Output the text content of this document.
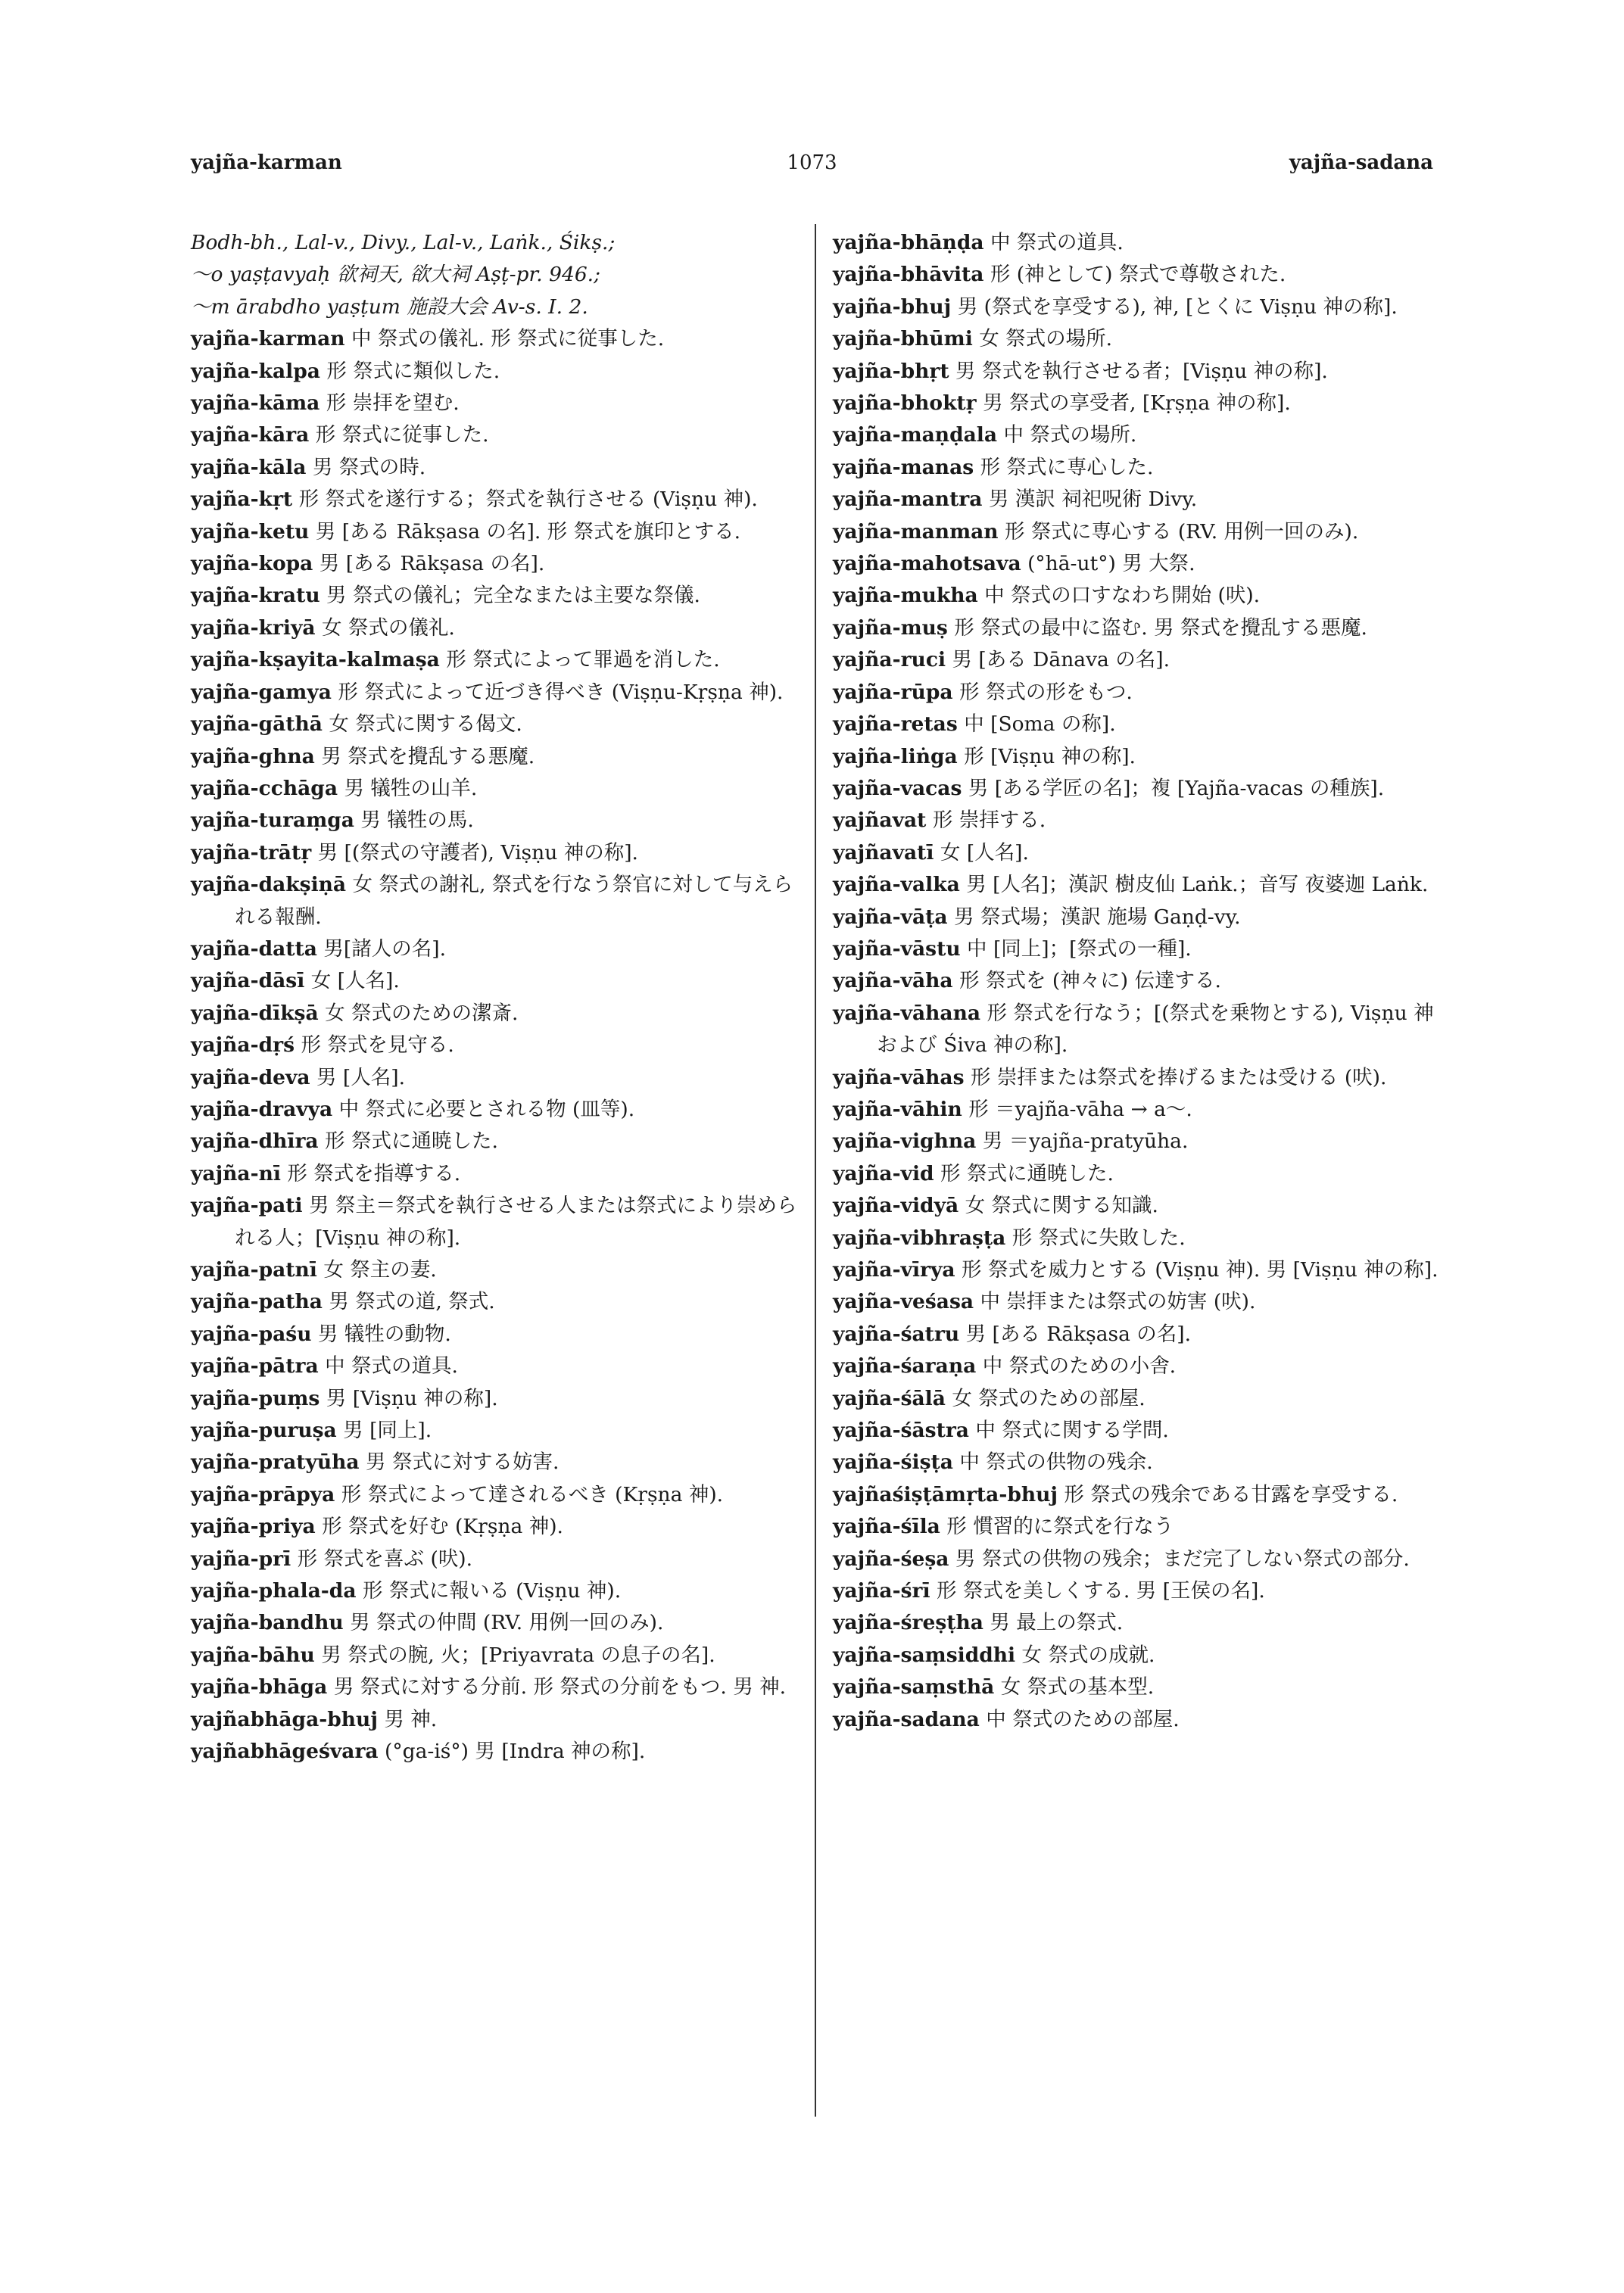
yajña-karman	1073	yajña-sadana
Bodh-bh., Lal-v., Divy., Lal-v., Laṅk., Śikṣ.;
～o yaṣṭavyaḥ 欲祠天, 欲大祠 Aṣṭ-pr. 946.;
～m ārabdho yaṣṭum 施設大会 Av-s. I. 2.
yajña-karman 中 祭式の儀礼. 形 祭式に従事した.
yajña-kalpa 形 祭式に類似した.
yajña-kāma 形 崇拝を望む.
yajña-kāra 形 祭式に従事した.
yajña-kāla 男 祭式の時.
yajña-kṛt 形 祭式を遂行する；祭式を執行させる (Viṣṇu 神).
yajña-ketu 男 [ある Rākṣasa の名]. 形 祭式を旗印とする.
yajña-kopa 男 [ある Rākṣasa の名].
yajña-kratu 男 祭式の儀礼；完全なまたは主要な祭儀.
yajña-kriyā 女 祭式の儀礼.
yajña-kṣayita-kalmaṣa 形 祭式によって罪過を消した.
yajña-gamya 形 祭式によって近づき得べき (Viṣṇu-Kṛṣṇa 神).
yajña-gāthā 女 祭式に関する偈文.
yajña-ghna 男 祭式を攪乱する悪魔.
yajña-cchāga 男 犠牲の山羊.
yajña-turaṃga 男 犠牲の馬.
yajña-trātṛ 男 [(祭式の守護者), Viṣṇu 神の称].
yajña-dakṣiṇā 女 祭式の謝礼, 祭式を行なう祭官に対して与えられる報酬.
yajña-datta 男[諸人の名].
yajña-dāsī 女 [人名].
yajña-dīkṣā 女 祭式のための潔斎.
yajña-dṛś 形 祭式を見守る.
yajña-deva 男 [人名].
yajña-dravya 中 祭式に必要とされる物 (皿等).
yajña-dhīra 形 祭式に通暁した.
yajña-nī 形 祭式を指導する.
yajña-pati 男 祭主＝祭式を執行させる人または祭式により崇められる人；[Viṣṇu 神の称].
yajña-patnī 女 祭主の妻.
yajña-patha 男 祭式の道, 祭式.
yajña-paśu 男 犠牲の動物.
yajña-pātra 中 祭式の道具.
yajña-puṃs 男 [Viṣṇu 神の称].
yajña-puruṣa 男 [同上].
yajña-pratyūha 男 祭式に対する妨害.
yajña-prāpya 形 祭式によって達されるべき (Kṛṣṇa 神).
yajña-priya 形 祭式を好む (Kṛṣṇa 神).
yajña-prī 形 祭式を喜ぶ (吠).
yajña-phala-da 形 祭式に報いる (Viṣṇu 神).
yajña-bandhu 男 祭式の仲間 (RV. 用例一回のみ).
yajña-bāhu 男 祭式の腕, 火；[Priyavrata の息子の名].
yajña-bhāga 男 祭式に対する分前. 形 祭式の分前をもつ. 男 神.
yajñabhāga-bhuj 男 神.
yajñabhāgeśvara (°ga-iś°) 男 [Indra 神の称].
yajña-bhāṇḍa 中 祭式の道具.
yajña-bhāvita 形 (神として) 祭式で尊敬された.
yajña-bhuj 男 (祭式を享受する), 神, [とくに Viṣṇu 神の称].
yajña-bhūmi 女 祭式の場所.
yajña-bhṛt 男 祭式を執行させる者；[Viṣṇu 神の称].
yajña-bhoktṛ 男 祭式の享受者, [Kṛṣṇa 神の称].
yajña-maṇḍala 中 祭式の場所.
yajña-manas 形 祭式に専心した.
yajña-mantra 男 漢訳 祠祀呪術 Divy.
yajña-manman 形 祭式に専心する (RV. 用例一回のみ).
yajña-mahotsava (°hā-ut°) 男 大祭.
yajña-mukha 中 祭式の口すなわち開始 (吠).
yajña-muṣ 形 祭式の最中に盗む. 男 祭式を攪乱する悪魔.
yajña-ruci 男 [ある Dānava の名].
yajña-rūpa 形 祭式の形をもつ.
yajña-retas 中 [Soma の称].
yajña-liṅga 形 [Viṣṇu 神の称].
yajña-vacas 男 [ある学匠の名]；複 [Yajña-vacas の種族].
yajñavat 形 崇拝する.
yajñavatī 女 [人名].
yajña-valka 男 [人名]；漢訳 樹皮仙 Laṅk.；音写 夜婆迦 Laṅk.
yajña-vāṭa 男 祭式場；漢訳 施場 Gaṇḍ-vy.
yajña-vāstu 中 [同上]；[祭式の一種].
yajña-vāha 形 祭式を (神々に) 伝達する.
yajña-vāhana 形 祭式を行なう；[(祭式を乗物とする), Viṣṇu 神 および Śiva 神の称].
yajña-vāhas 形 崇拝または祭式を捧げるまたは受ける (吠).
yajña-vāhin 形 ＝yajña-vāha → a～.
yajña-vighna 男 ＝yajña-pratyūha.
yajña-vid 形 祭式に通暁した.
yajña-vidyā 女 祭式に関する知識.
yajña-vibhraṣṭa 形 祭式に失敗した.
yajña-vīrya 形 祭式を威力とする (Viṣṇu 神). 男 [Viṣṇu 神の称].
yajña-veśasa 中 崇拝または祭式の妨害 (吠).
yajña-śatru 男 [ある Rākṣasa の名].
yajña-śaraṇa 中 祭式のための小舎.
yajña-śālā 女 祭式のための部屋.
yajña-śāstra 中 祭式に関する学問.
yajña-śiṣṭa 中 祭式の供物の残余.
yajñaśiṣṭāmṛta-bhuj 形 祭式の残余である甘露を享受する.
yajña-śīla 形 慣習的に祭式を行なう
yajña-śeṣa 男 祭式の供物の残余；まだ完了しない祭式の部分.
yajña-śrī 形 祭式を美しくする. 男 [王侯の名].
yajña-śreṣṭha 男 最上の祭式.
yajña-saṃsiddhi 女 祭式の成就.
yajña-saṃsthā 女 祭式の基本型.
yajña-sadana 中 祭式のための部屋.
